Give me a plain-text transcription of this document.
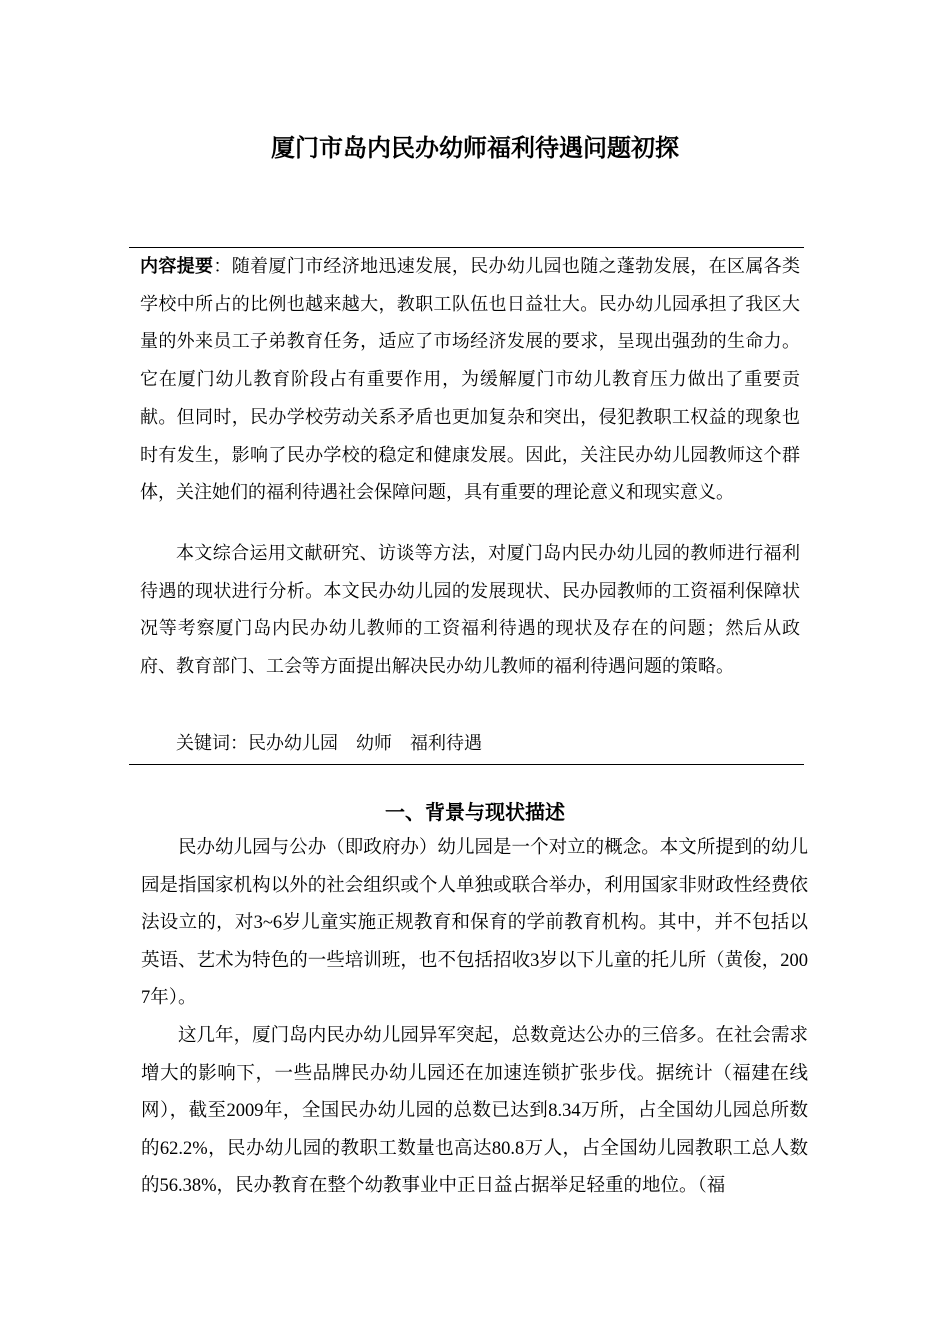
厦门市岛内民办幼师福利待遇问题初探
内容提要：随着厦门市经济地迅速发展，民办幼儿园也随之蓬勃发展，在区属各类学校中所占的比例也越来越大，教职工队伍也日益壮大。民办幼儿园承担了我区大量的外来员工子弟教育任务，适应了市场经济发展的要求，呈现出强劲的生命力。它在厦门幼儿教育阶段占有重要作用，为缓解厦门市幼儿教育压力做出了重要贡献。但同时，民办学校劳动关系矛盾也更加复杂和突出，侵犯教职工权益的现象也时有发生，影响了民办学校的稳定和健康发展。因此，关注民办幼儿园教师这个群体，关注她们的福利待遇社会保障问题，具有重要的理论意义和现实意义。
本文综合运用文献研究、访谈等方法，对厦门岛内民办幼儿园的教师进行福利待遇的现状进行分析。本文民办幼儿园的发展现状、民办园教师的工资福利保障状况等考察厦门岛内民办幼儿教师的工资福利待遇的现状及存在的问题；然后从政府、教育部门、工会等方面提出解决民办幼儿教师的福利待遇问题的策略。
关键词：民办幼儿园　幼师　福利待遇
一、背景与现状描述
民办幼儿园与公办（即政府办）幼儿园是一个对立的概念。本文所提到的幼儿园是指国家机构以外的社会组织或个人单独或联合举办，利用国家非财政性经费依法设立的，对3~6岁儿童实施正规教育和保育的学前教育机构。其中，并不包括以英语、艺术为特色的一些培训班，也不包括招收3岁以下儿童的托儿所（黄俊，2007年）。
这几年，厦门岛内民办幼儿园异军突起，总数竟达公办的三倍多。在社会需求增大的影响下，一些品牌民办幼儿园还在加速连锁扩张步伐。据统计（福建在线网），截至2009年，全国民办幼儿园的总数已达到8.34万所，占全国幼儿园总所数的62.2%，民办幼儿园的教职工数量也高达80.8万人，占全国幼儿园教职工总人数的56.38%，民办教育在整个幼教事业中正日益占据举足轻重的地位。（福
